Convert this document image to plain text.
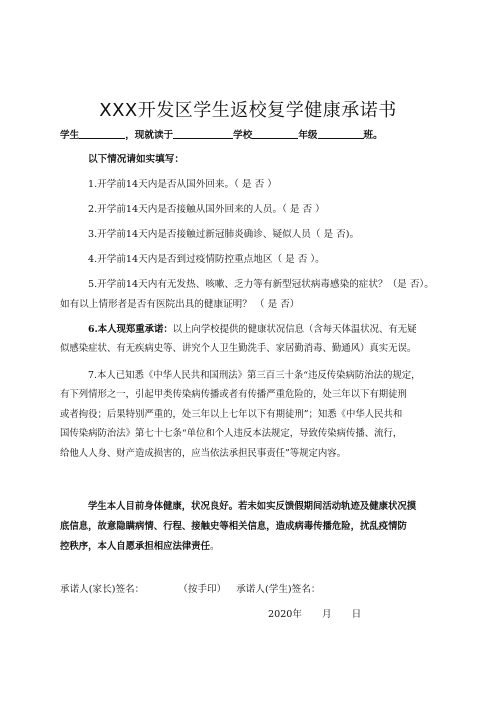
XXX开发区学生返校复学健康承诺书
学生	，现就读于	学校	年级	班。
以下情况请如实填写：
1.开学前14天内是否从国外回来。（ 是 否 ）
2.开学前14天内是否接触从国外回来的人员。（ 是 否 ）
3.开学前14天内是否接触过新冠肺炎确诊、疑似人员（ 是 否)。
4.开学前14天内是否到过疫情防控重点地区（ 是 否 ）。
5.开学前14天内有无发热、咳嗽、乏力等有新型冠状病毒感染的症状？（是 否）。
如有以上情形者是否有医院出具的健康证明？ （ 是 否）
6.本人现郑重承诺：以上向学校提供的健康状况信息（含每天体温状况、有无疑
似感染症状、有无疾病史等、讲究个人卫生勤洗手、家居勤消毒、勤通风）真实无误。
7.本人已知悉《中华人民共和国刑法》第三百三十条“违反传染病防治法的规定，
有下列情形之一，引起甲类传染病传播或者有传播严重危险的，处三年以下有期徒刑
或者拘役；后果特别严重的，处三年以上七年以下有期徒刑”；知悉《中华人民共和
国传染病防治法》第七十七条“单位和个人违反本法规定，导致传染病传播、流行，
给他人人身、财产造成损害的，应当依法承担民事责任”等规定内容。
学生本人目前身体健康，状况良好。若未如实反馈假期间活动轨迹及健康状况摸
底信息，故意隐瞒病情、行程、接触史等相关信息，造成病毒传播危险，扰乱疫情防
控秩序，本人自愿承担相应法律责任。
承诺人(家长)签名：	（按手印） 承诺人(学生)签名：
2020年 月 日
